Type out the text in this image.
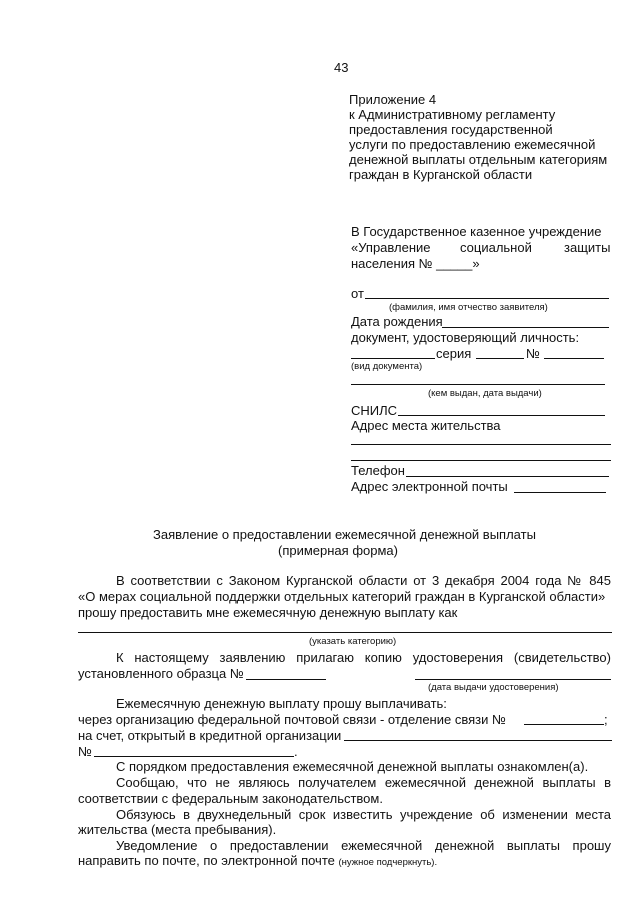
43
Приложение 4
к Административному регламенту
предоставления государственной
услуги по предоставлению ежемесячной
денежной выплаты отдельным категориям
граждан в Курганской области
В Государственное казенное учреждение
«Управление социальной защиты
населения № _____»
от
(фамилия, имя отчество заявителя)
Дата рождения
документ, удостоверяющий личность:
серия	№
(вид документа)
(кем выдан, дата выдачи)
СНИЛС
Адрес места жительства
Телефон
Адрес электронной почты
Заявление о предоставлении ежемесячной денежной выплаты
(примерная форма)
В соответствии с Законом Курганской области от 3 декабря 2004 года № 845
«О мерах социальной поддержки отдельных категорий граждан в Курганской области»
прошу предоставить мне ежемесячную денежную выплату как
(указать категорию)
К настоящему заявлению прилагаю копию удостоверения (свидетельство)
установленного образца №
(дата выдачи удостоверения)
Ежемесячную денежную выплату прошу выплачивать:
через организацию федеральной почтовой связи - отделение связи №	;
на счет, открытый в кредитной организации
№	.
С порядком предоставления ежемесячной денежной выплаты ознакомлен(а).
Сообщаю, что не являюсь получателем ежемесячной денежной выплаты в
соответствии с федеральным законодательством.
Обязуюсь в двухнедельный срок известить учреждение об изменении места
жительства (места пребывания).
Уведомление о предоставлении ежемесячной денежной выплаты прошу
направить по почте, по электронной почте (нужное подчеркнуть).
